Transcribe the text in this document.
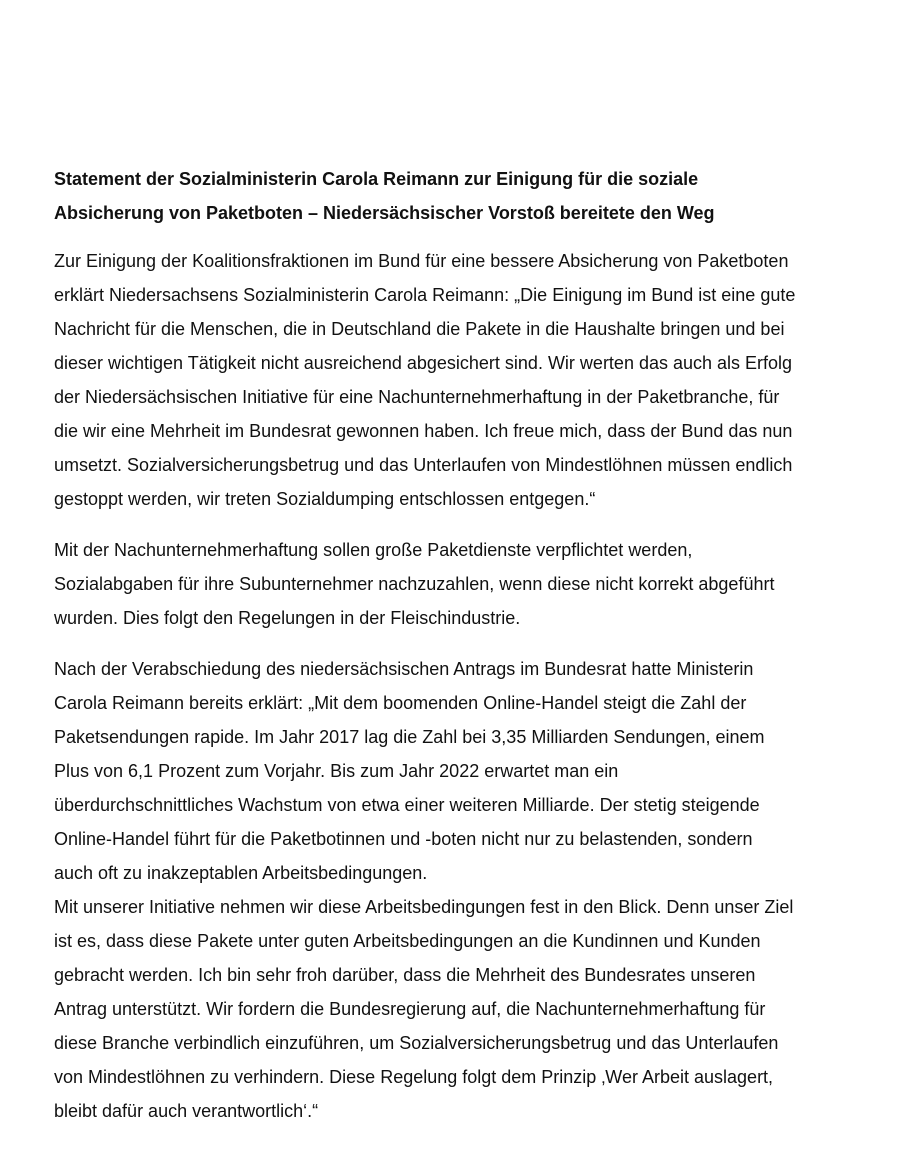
Statement der Sozialministerin Carola Reimann zur Einigung für die soziale
Absicherung von Paketboten – Niedersächsischer Vorstoß bereitete den Weg

Zur Einigung der Koalitionsfraktionen im Bund für eine bessere Absicherung von Paketboten
erklärt Niedersachsens Sozialministerin Carola Reimann: „Die Einigung im Bund ist eine gute
Nachricht für die Menschen, die in Deutschland die Pakete in die Haushalte bringen und bei
dieser wichtigen Tätigkeit nicht ausreichend abgesichert sind. Wir werten das auch als Erfolg
der Niedersächsischen Initiative für eine Nachunternehmerhaftung in der Paketbranche, für
die wir eine Mehrheit im Bundesrat gewonnen haben. Ich freue mich, dass der Bund das nun
umsetzt. Sozialversicherungsbetrug und das Unterlaufen von Mindestlöhnen müssen endlich
gestoppt werden, wir treten Sozialdumping entschlossen entgegen.“

Mit der Nachunternehmerhaftung sollen große Paketdienste verpflichtet werden,
Sozialabgaben für ihre Subunternehmer nachzuzahlen, wenn diese nicht korrekt abgeführt
wurden. Dies folgt den Regelungen in der Fleischindustrie.

Nach der Verabschiedung des niedersächsischen Antrags im Bundesrat hatte Ministerin
Carola Reimann bereits erklärt: „Mit dem boomenden Online-Handel steigt die Zahl der
Paketsendungen rapide. Im Jahr 2017 lag die Zahl bei 3,35 Milliarden Sendungen, einem
Plus von 6,1 Prozent zum Vorjahr. Bis zum Jahr 2022 erwartet man ein
überdurchschnittliches Wachstum von etwa einer weiteren Milliarde. Der stetig steigende
Online-Handel führt für die Paketbotinnen und -boten nicht nur zu belastenden, sondern
auch oft zu inakzeptablen Arbeitsbedingungen.
Mit unserer Initiative nehmen wir diese Arbeitsbedingungen fest in den Blick. Denn unser Ziel
ist es, dass diese Pakete unter guten Arbeitsbedingungen an die Kundinnen und Kunden
gebracht werden. Ich bin sehr froh darüber, dass die Mehrheit des Bundesrates unseren
Antrag unterstützt. Wir fordern die Bundesregierung auf, die Nachunternehmerhaftung für
diese Branche verbindlich einzuführen, um Sozialversicherungsbetrug und das Unterlaufen
von Mindestlöhnen zu verhindern. Diese Regelung folgt dem Prinzip ‚Wer Arbeit auslagert,
bleibt dafür auch verantwortlich‘.“
